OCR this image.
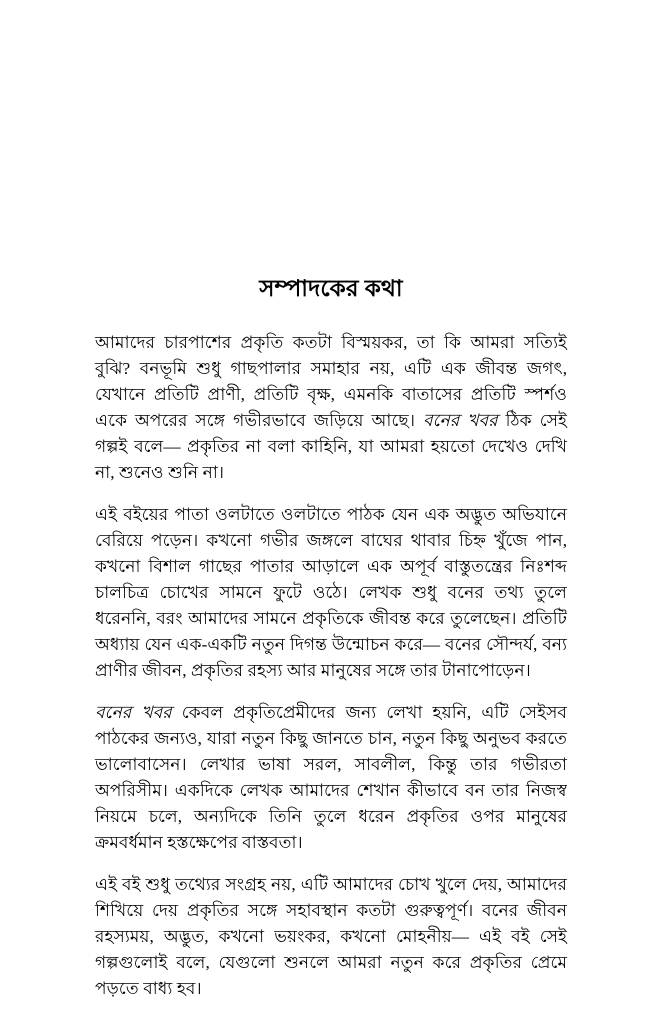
সম্পাদকের কথা

আমাদের চারপাশের প্রকৃতি কতটা বিস্ময়কর, তা কি আমরা সত্যিই বুঝি? বনভূমি শুধু গাছপালার সমাহার নয়, এটি এক জীবন্ত জগৎ, যেখানে প্রতিটি প্রাণী, প্রতিটি বৃক্ষ, এমনকি বাতাসের প্রতিটি স্পর্শও একে অপরের সঙ্গে গভীরভাবে জড়িয়ে আছে। বনের খবর ঠিক সেই গল্পই বলে— প্রকৃতির না বলা কাহিনি, যা আমরা হয়তো দেখেও দেখি না, শুনেও শুনি না।

এই বইয়ের পাতা ওলটাতে ওলটাতে পাঠক যেন এক অদ্ভুত অভিযানে বেরিয়ে পড়েন। কখনো গভীর জঙ্গলে বাঘের থাবার চিহ্ন খুঁজে পান, কখনো বিশাল গাছের পাতার আড়ালে এক অপূর্ব বাস্তুতন্ত্রের নিঃশব্দ চালচিত্র চোখের সামনে ফুটে ওঠে। লেখক শুধু বনের তথ্য তুলে ধরেননি, বরং আমাদের সামনে প্রকৃতিকে জীবন্ত করে তুলেছেন। প্রতিটি অধ্যায় যেন এক-একটি নতুন দিগন্ত উন্মোচন করে— বনের সৌন্দর্য, বন্য প্রাণীর জীবন, প্রকৃতির রহস্য আর মানুষের সঙ্গে তার টানাপোড়েন।

বনের খবর কেবল প্রকৃতিপ্রেমীদের জন্য লেখা হয়নি, এটি সেইসব পাঠকের জন্যও, যারা নতুন কিছু জানতে চান, নতুন কিছু অনুভব করতে ভালোবাসেন। লেখার ভাষা সরল, সাবলীল, কিন্তু তার গভীরতা অপরিসীম। একদিকে লেখক আমাদের শেখান কীভাবে বন তার নিজস্ব নিয়মে চলে, অন্যদিকে তিনি তুলে ধরেন প্রকৃতির ওপর মানুষের ক্রমবর্ধমান হস্তক্ষেপের বাস্তবতা।

এই বই শুধু তথ্যের সংগ্রহ নয়, এটি আমাদের চোখ খুলে দেয়, আমাদের শিখিয়ে দেয় প্রকৃতির সঙ্গে সহাবস্থান কতটা গুরুত্বপূর্ণ। বনের জীবন রহস্যময়, অদ্ভুত, কখনো ভয়ংকর, কখনো মোহনীয়— এই বই সেই গল্পগুলোই বলে, যেগুলো শুনলে আমরা নতুন করে প্রকৃতির প্রেমে পড়তে বাধ্য হব।
